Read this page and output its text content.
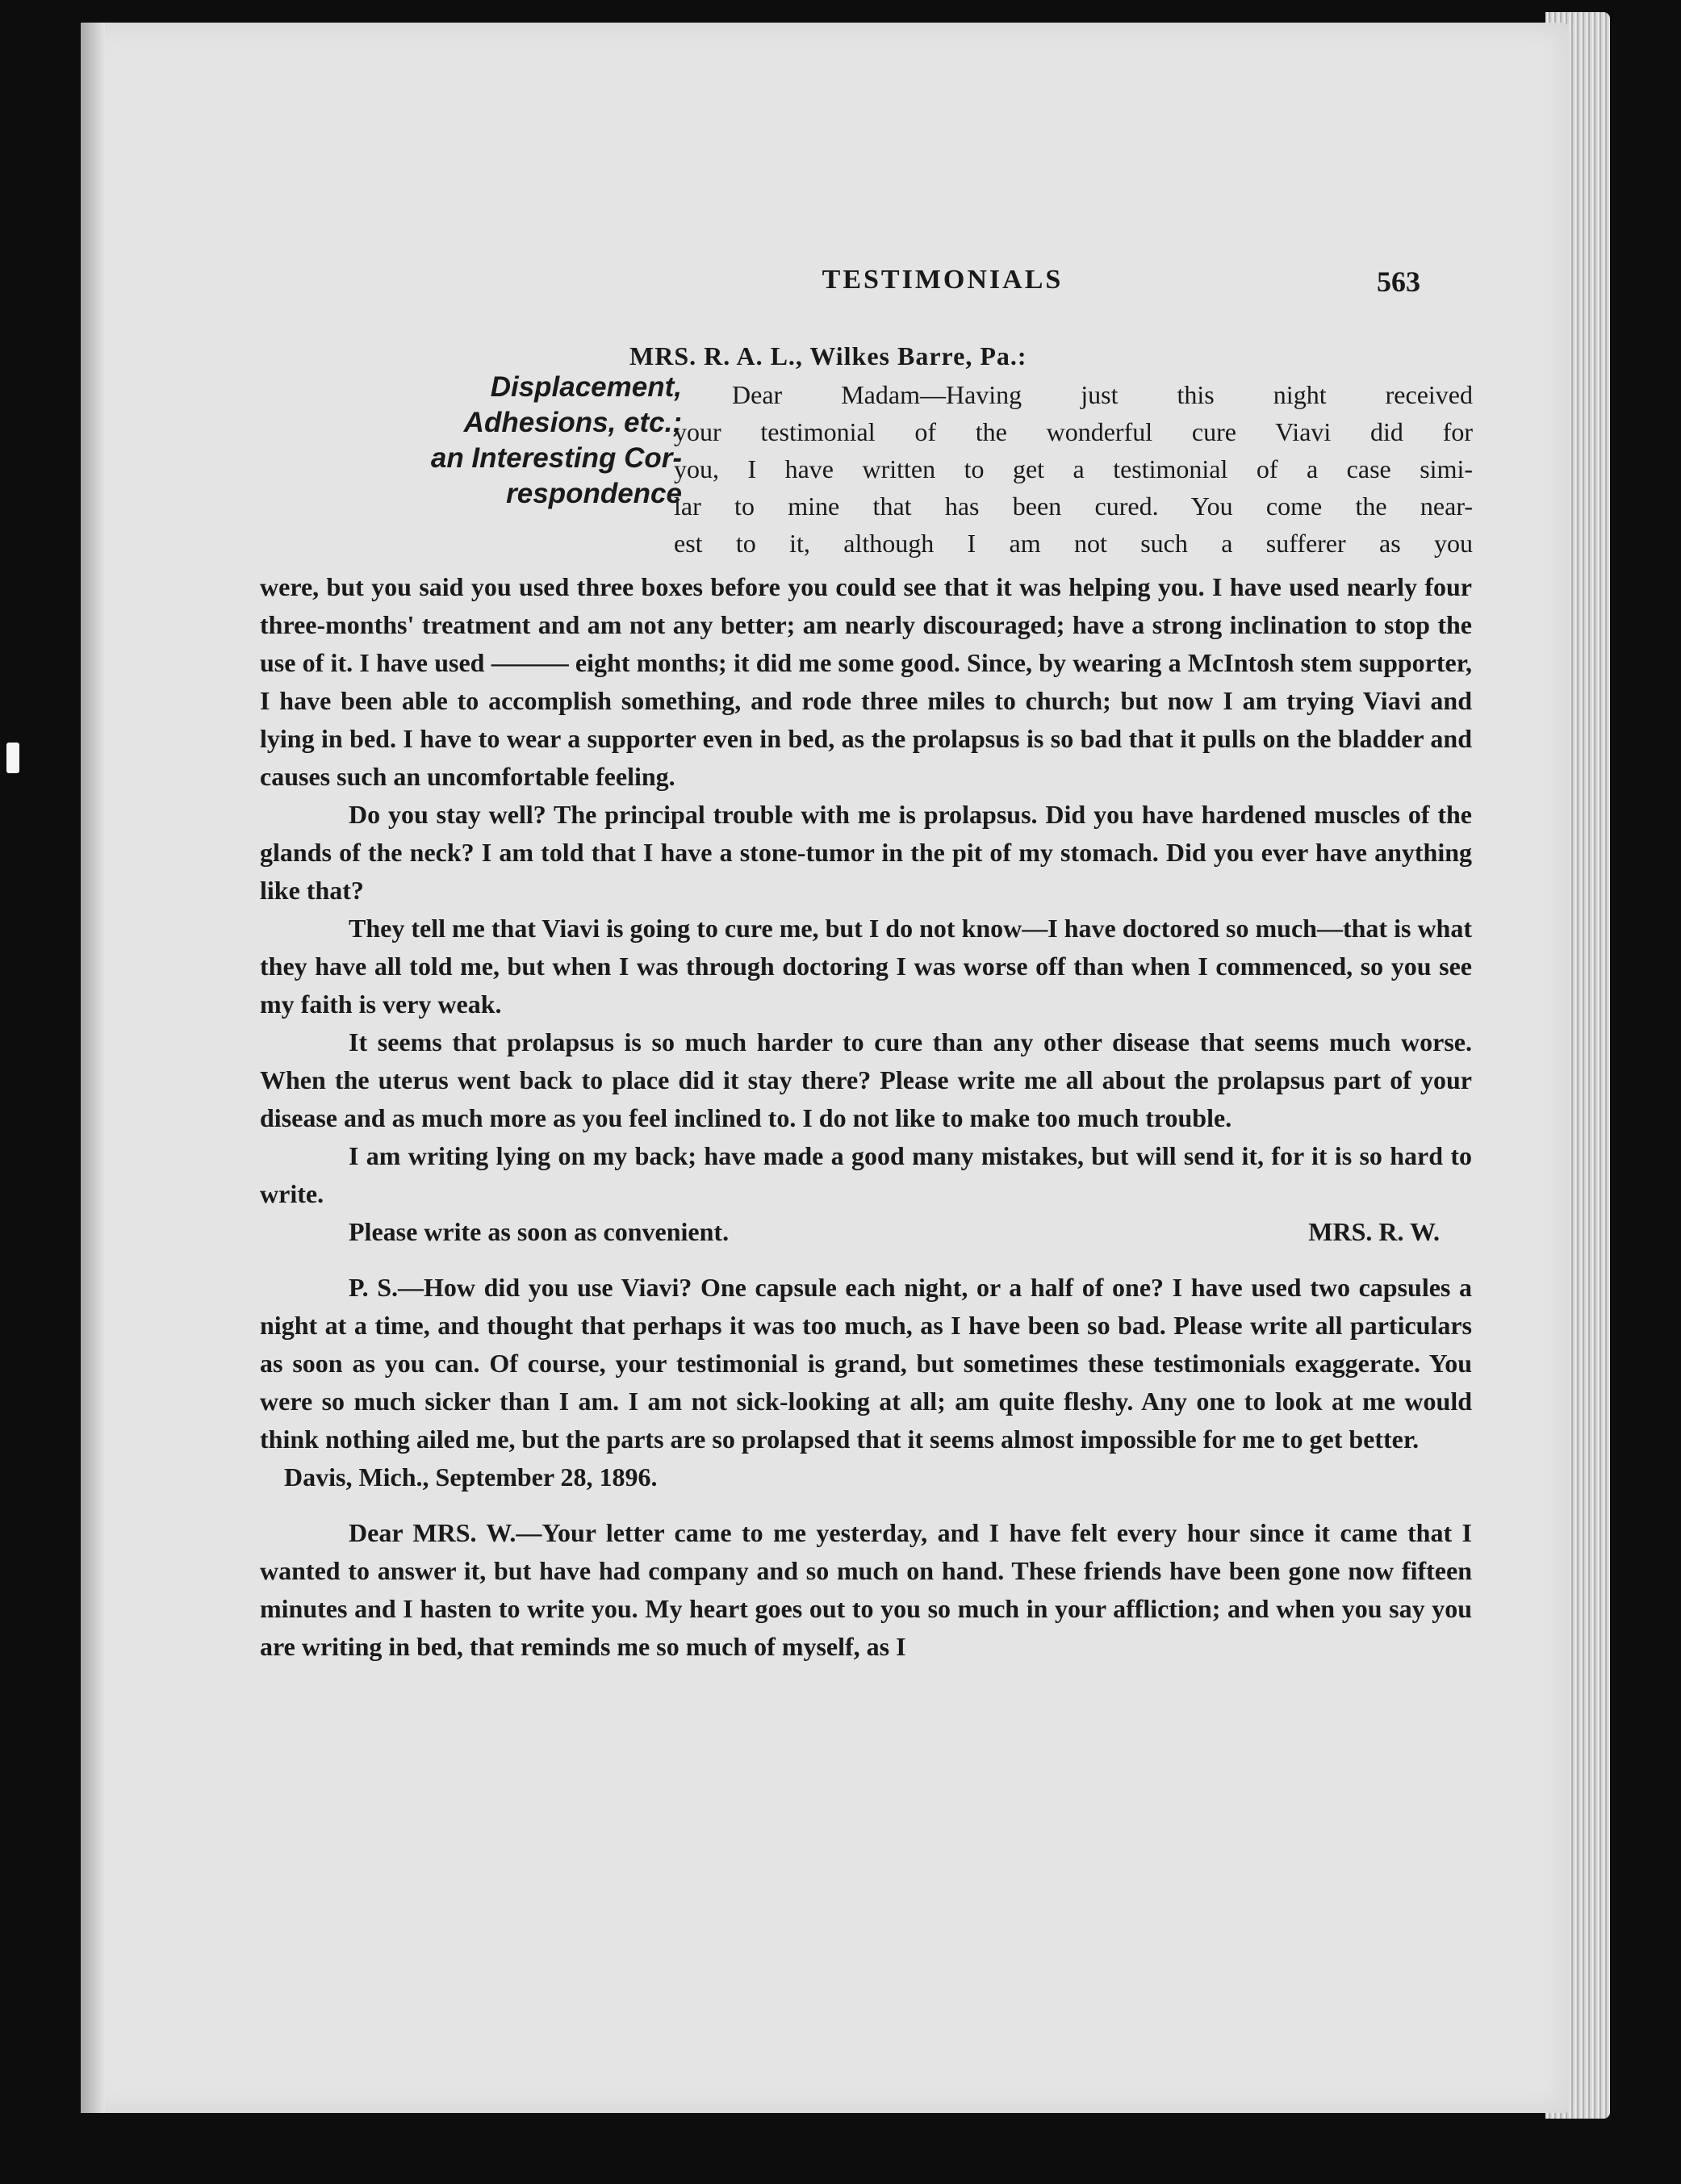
TESTIMONIALS	563
MRS. R. A. L., Wilkes Barre, Pa.:
Displacement,
Adhesions, etc.;
an Interesting Cor-
respondence
Dear Madam—Having just this night received
your testimonial of the wonderful cure Viavi did for
you, I have written to get a testimonial of a case simi-
lar to mine that has been cured. You come the near-
est to it, although I am not such a sufferer as you

were, but you said you used three boxes before you could see that it was helping you. I have used nearly four three-months' treatment and am not any better; am nearly discouraged; have a strong inclination to stop the use of it. I have used ——— eight months; it did me some good. Since, by wearing a McIntosh stem supporter, I have been able to accomplish something, and rode three miles to church; but now I am trying Viavi and lying in bed. I have to wear a supporter even in bed, as the prolapsus is so bad that it pulls on the bladder and causes such an uncomfortable feeling.

Do you stay well? The principal trouble with me is prolapsus. Did you have hardened muscles of the glands of the neck? I am told that I have a stone-tumor in the pit of my stomach. Did you ever have anything like that?

They tell me that Viavi is going to cure me, but I do not know—I have doctored so much—that is what they have all told me, but when I was through doctoring I was worse off than when I commenced, so you see my faith is very weak.

It seems that prolapsus is so much harder to cure than any other disease that seems much worse. When the uterus went back to place did it stay there? Please write me all about the prolapsus part of your disease and as much more as you feel inclined to. I do not like to make too much trouble.

I am writing lying on my back; have made a good many mistakes, but will send it, for it is so hard to write.

Please write as soon as convenient.	MRS. R. W.

P. S.—How did you use Viavi? One capsule each night, or a half of one? I have used two capsules a night at a time, and thought that perhaps it was too much, as I have been so bad. Please write all particulars as soon as you can. Of course, your testimonial is grand, but sometimes these testimonials exaggerate. You were so much sicker than I am. I am not sick-looking at all; am quite fleshy. Any one to look at me would think nothing ailed me, but the parts are so prolapsed that it seems almost impossible for me to get better.

Davis, Mich., September 28, 1896.

Dear MRS. W.—Your letter came to me yesterday, and I have felt every hour since it came that I wanted to answer it, but have had company and so much on hand. These friends have been gone now fifteen minutes and I hasten to write you. My heart goes out to you so much in your affliction; and when you say you are writing in bed, that reminds me so much of myself, as I
